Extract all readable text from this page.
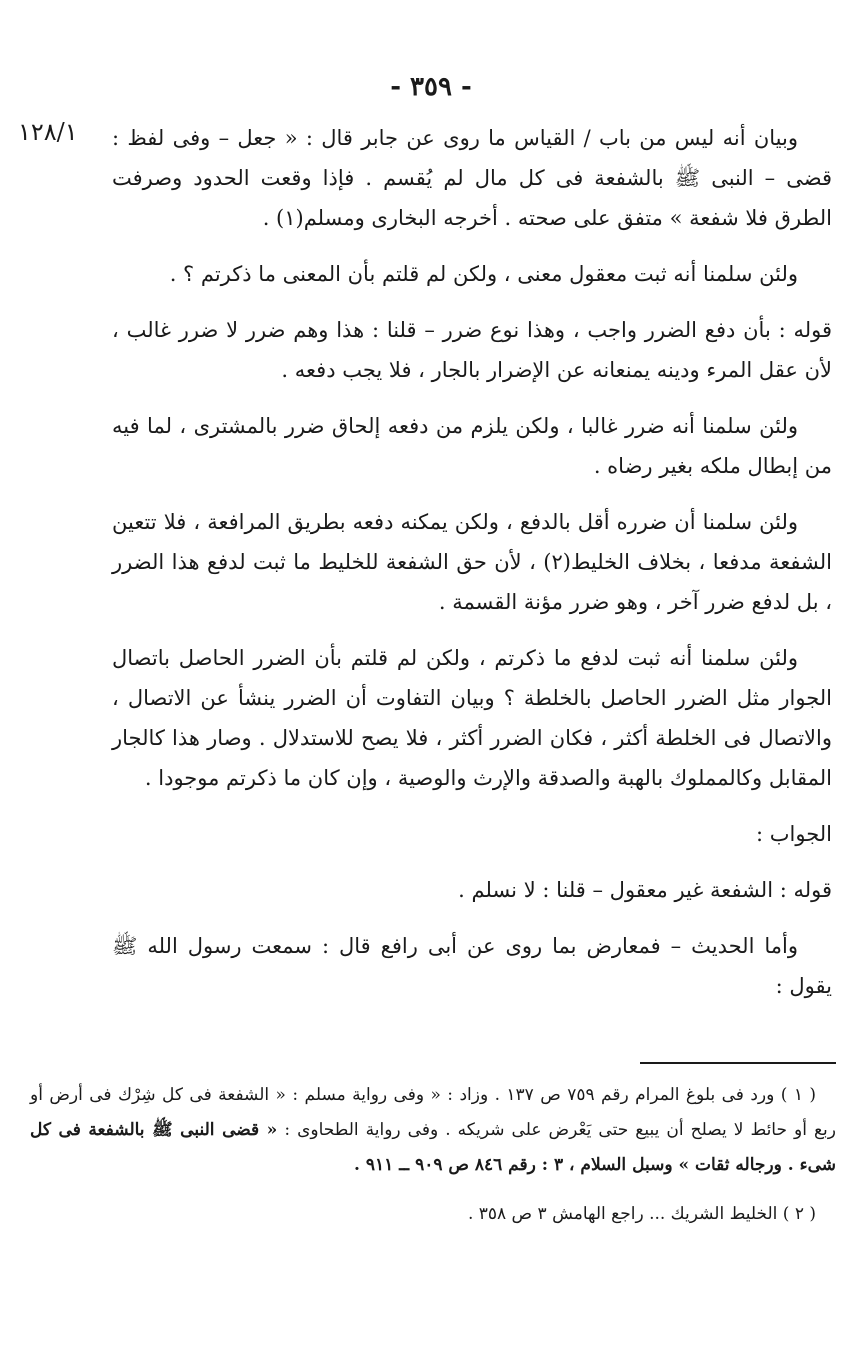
- ٣٥٩ -
١٢٨/١ وبيان أنه ليس من باب / القياس ما روى عن جابر قال : « جعل – وفى لفظ : قضى – النبى ﷺ بالشفعة فى كل مال لم يُقسم . فإذا وقعت الحدود وصرفت الطرق فلا شفعة » متفق على صحته . أخرجه البخارى ومسلم(١) .

ولئن سلمنا أنه ثبت معقول معنى ، ولكن لم قلتم بأن المعنى ما ذكرتم ؟ .

قوله : بأن دفع الضرر واجب ، وهذا نوع ضرر – قلنا : هذا وهم ضرر لا ضرر غالب ، لأن عقل المرء ودينه يمنعانه عن الإضرار بالجار ، فلا يجب دفعه .

ولئن سلمنا أنه ضرر غالبا ، ولكن يلزم من دفعه إلحاق ضرر بالمشترى ، لما فيه من إبطال ملكه بغير رضاه .

ولئن سلمنا أن ضرره أقل بالدفع ، ولكن يمكنه دفعه بطريق المرافعة ، فلا تتعين الشفعة مدفعا ، بخلاف الخليط(٢) ، لأن حق الشفعة للخليط ما ثبت لدفع هذا الضرر ، بل لدفع ضرر آخر ، وهو ضرر مؤنة القسمة .

ولئن سلمنا أنه ثبت لدفع ما ذكرتم ، ولكن لم قلتم بأن الضرر الحاصل باتصال الجوار مثل الضرر الحاصل بالخلطة ؟ وبيان التفاوت أن الضرر ينشأ عن الاتصال ، والاتصال فى الخلطة أكثر ، فكان الضرر أكثر ، فلا يصح للاستدلال . وصار هذا كالجار المقابل وكالمملوك بالهبة والصدقة والإرث والوصية ، وإن كان ما ذكرتم موجودا .

الجواب :

قوله : الشفعة غير معقول – قلنا : لا نسلم .

وأما الحديث – فمعارض بما روى عن أبى رافع قال : سمعت رسول الله ﷺ يقول :

( ١ ) ورد فى بلوغ المرام رقم ٧٥٩ ص ١٣٧ . وزاد : « وفى رواية مسلم : « الشفعة فى كل شِرْك فى أرض أو ربع أو حائط لا يصلح أن يبيع حتى يَعْرض على شريكه . وفى رواية الطحاوى : « قضى النبى ﷺ بالشفعة فى كل شىء . ورجاله ثقات » وسبل السلام ، ٣ : رقم ٨٤٦ ص ٩٠٩ ــ ٩١١ .

( ٢ ) الخليط الشريك ... راجع الهامش ٣ ص ٣٥٨ .
